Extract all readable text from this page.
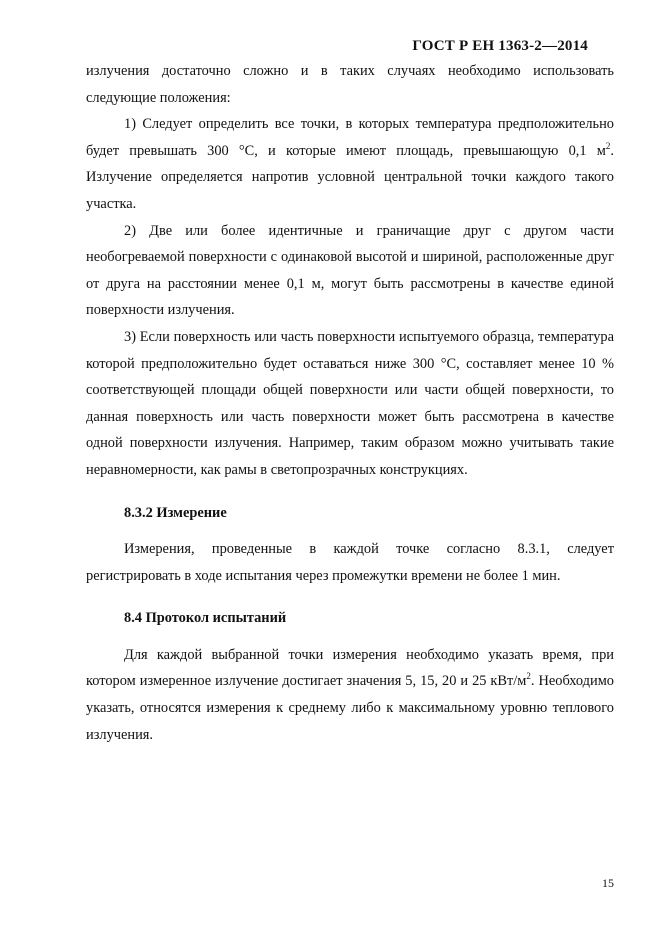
ГОСТ Р ЕН 1363-2—2014

излучения достаточно сложно и в таких случаях необходимо использовать следующие положения:

1) Следует определить все точки, в которых температура предположительно будет превышать 300 °С, и которые имеют площадь, превышающую 0,1 $м^2$. Излучение определяется напротив условной центральной точки каждого такого участка.

2) Две или более идентичные и граничащие друг с другом части необогреваемой поверхности с одинаковой высотой и шириной, расположенные друг от друга на расстоянии менее 0,1 м, могут быть рассмотрены в качестве единой поверхности излучения.

3) Если поверхность или часть поверхности испытуемого образца, температура которой предположительно будет оставаться ниже 300 °С, составляет менее 10 % соответствующей площади общей поверхности или части общей поверхности, то данная поверхность или часть поверхности может быть рассмотрена в качестве одной поверхности излучения. Например, таким образом можно учитывать такие неравномерности, как рамы в светопрозрачных конструкциях.

8.3.2 Измерение

Измерения, проведенные в каждой точке согласно 8.3.1, следует регистрировать в ходе испытания через промежутки времени не более 1 мин.

8.4 Протокол испытаний

Для каждой выбранной точки измерения необходимо указать время, при котором измеренное излучение достигает значения 5, 15, 20 и 25 кВт/$м^2$. Необходимо указать, относятся измерения к среднему либо к максимальному уровню теплового излучения.

15
